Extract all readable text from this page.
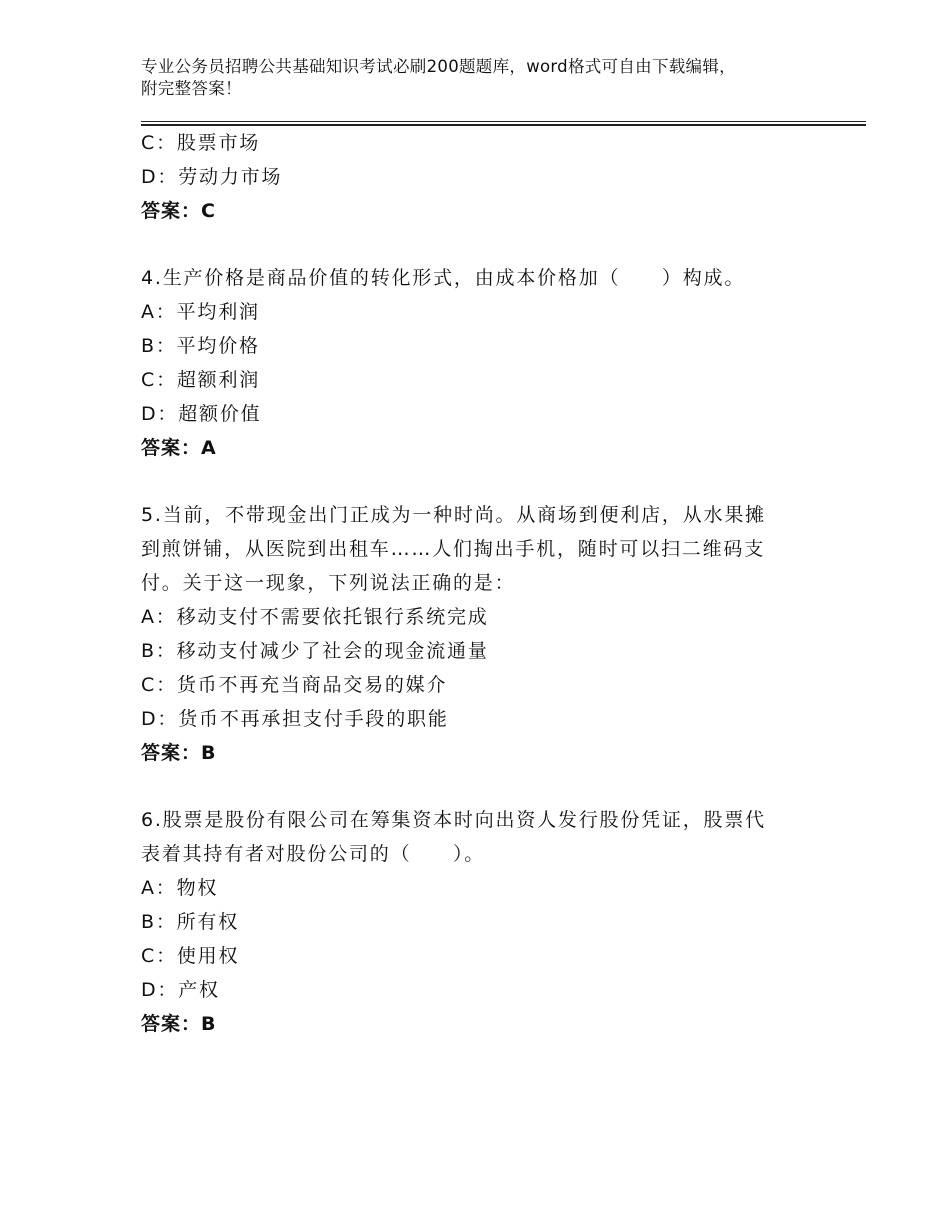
专业公务员招聘公共基础知识考试必刷200题题库，word格式可自由下载编辑，
附完整答案！
C：股票市场
D：劳动力市场
答案：C
4.生产价格是商品价值的转化形式，由成本价格加（　　）构成。
A：平均利润
B：平均价格
C：超额利润
D：超额价值
答案：A
5.当前，不带现金出门正成为一种时尚。从商场到便利店，从水果摊
到煎饼铺，从医院到出租车……人们掏出手机，随时可以扫二维码支
付。关于这一现象，下列说法正确的是：
A：移动支付不需要依托银行系统完成
B：移动支付减少了社会的现金流通量
C：货币不再充当商品交易的媒介
D：货币不再承担支付手段的职能
答案：B
6.股票是股份有限公司在筹集资本时向出资人发行股份凭证，股票代
表着其持有者对股份公司的（　　）。
A：物权
B：所有权
C：使用权
D：产权
答案：B
